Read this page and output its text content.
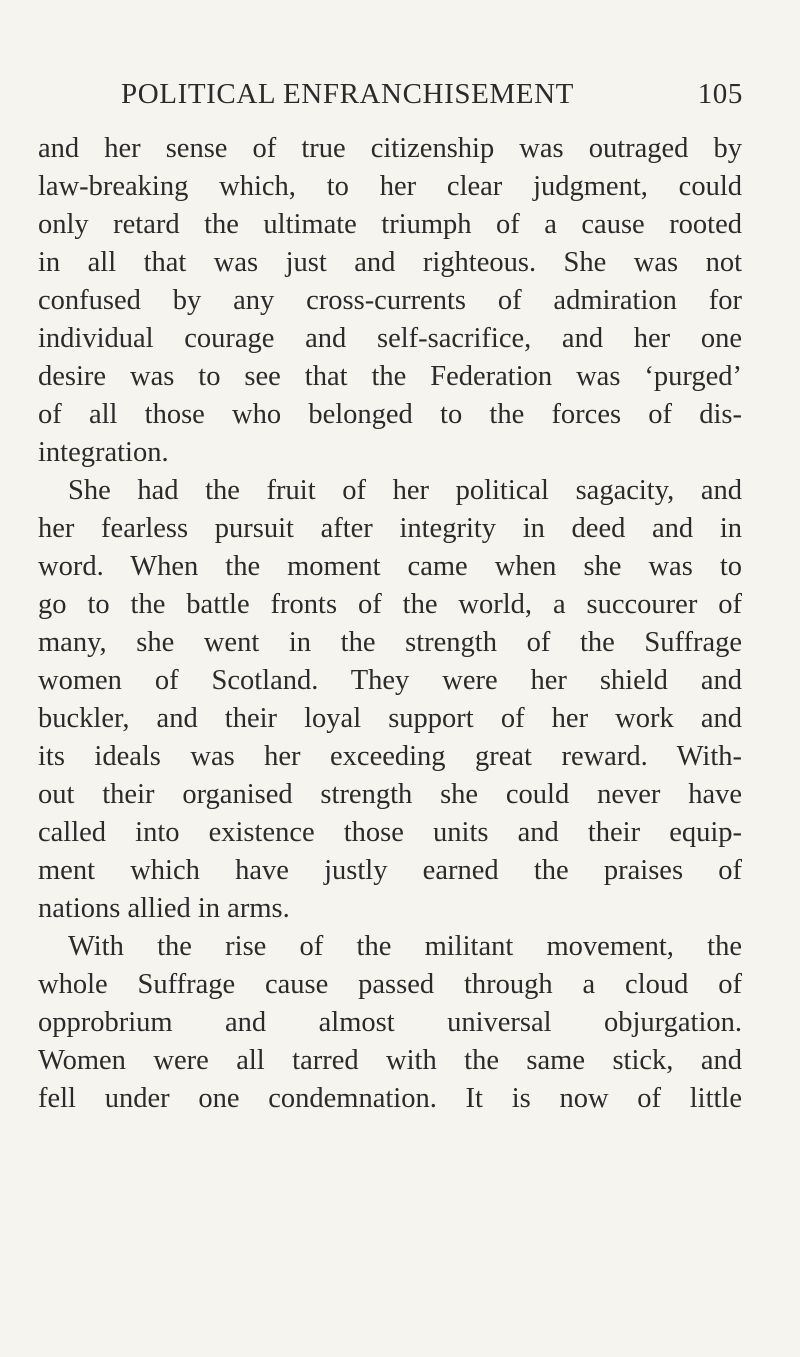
POLITICAL ENFRANCHISEMENT	105
and her sense of true citizenship was outraged by
law-breaking which, to her clear judgment, could
only retard the ultimate triumph of a cause rooted
in all that was just and righteous. She was not
confused by any cross-currents of admiration for
individual courage and self-sacrifice, and her one
desire was to see that the Federation was ‘purged’
of all those who belonged to the forces of dis-
integration.
She had the fruit of her political sagacity, and
her fearless pursuit after integrity in deed and in
word. When the moment came when she was to
go to the battle fronts of the world, a succourer of
many, she went in the strength of the Suffrage
women of Scotland. They were her shield and
buckler, and their loyal support of her work and
its ideals was her exceeding great reward. With-
out their organised strength she could never have
called into existence those units and their equip-
ment which have justly earned the praises of
nations allied in arms.
With the rise of the militant movement, the
whole Suffrage cause passed through a cloud of
opprobrium and almost universal objurgation.
Women were all tarred with the same stick, and
fell under one condemnation. It is now of little
